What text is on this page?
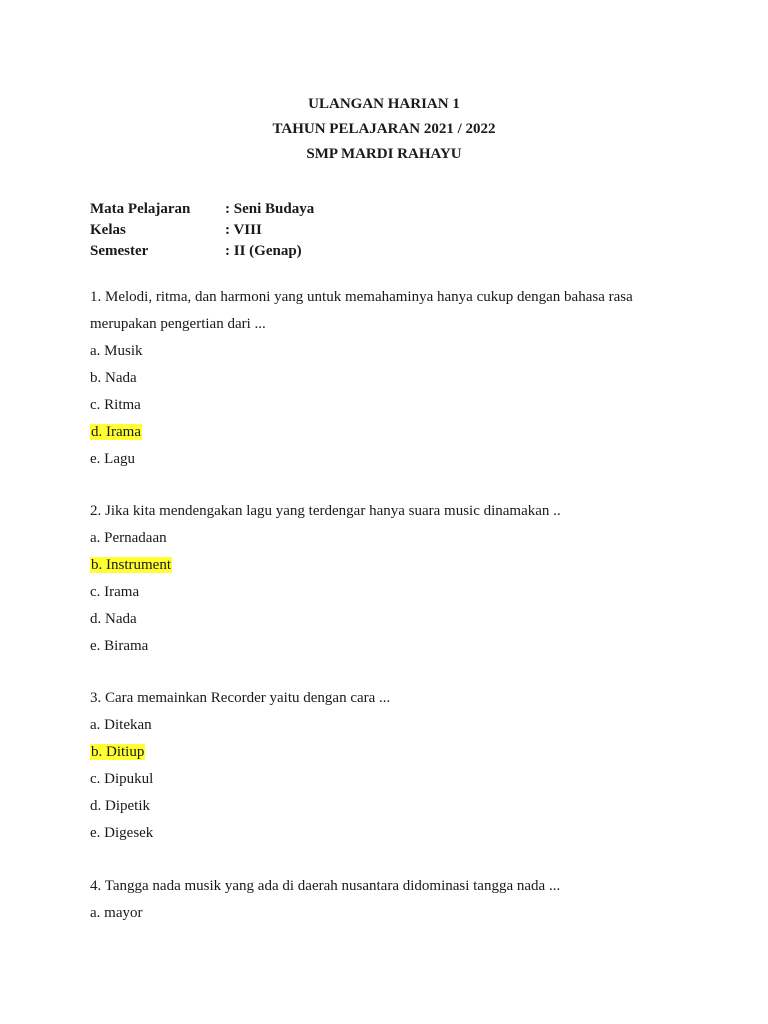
ULANGAN HARIAN 1
TAHUN PELAJARAN 2021 / 2022
SMP MARDI RAHAYU
Mata Pelajaran	: Seni Budaya
Kelas	: VIII
Semester	: II (Genap)
1. Melodi, ritma, dan harmoni yang untuk memahaminya hanya cukup dengan bahasa rasa merupakan pengertian dari ...
a. Musik
b. Nada
c. Ritma
d. Irama
e. Lagu
2. Jika kita mendengakan lagu yang terdengar hanya suara music dinamakan ..
a. Pernadaan
b. Instrument
c. Irama
d. Nada
e. Birama
3. Cara memainkan Recorder yaitu dengan cara ...
a. Ditekan
b. Ditiup
c. Dipukul
d. Dipetik
e. Digesek
4. Tangga nada musik yang ada di daerah nusantara didominasi tangga nada ...
a. mayor
